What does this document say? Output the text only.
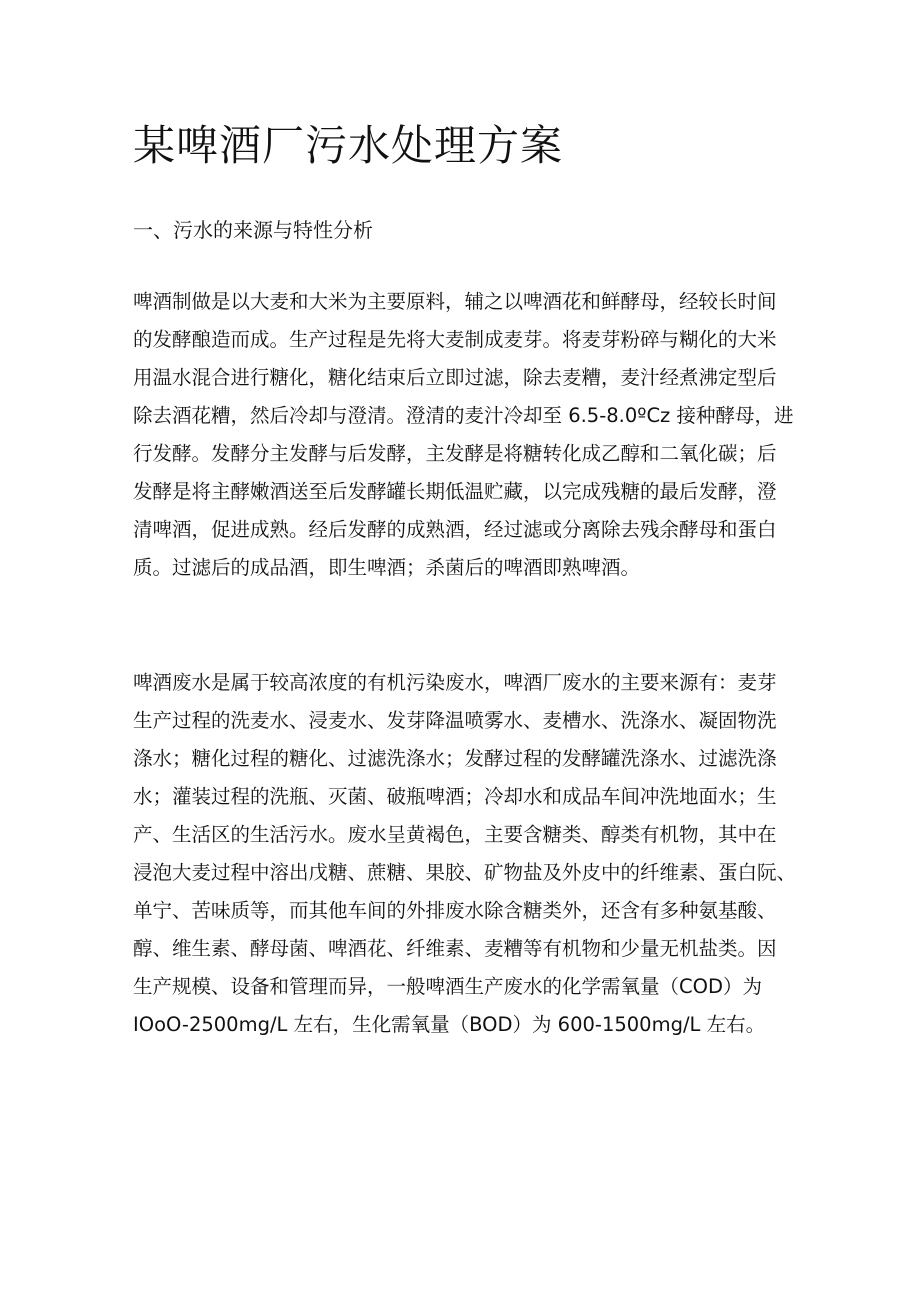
某啤酒厂污水处理方案
一、污水的来源与特性分析
啤酒制做是以大麦和大米为主要原料，辅之以啤酒花和鲜酵母，经较长时间
的发酵酿造而成。生产过程是先将大麦制成麦芽。将麦芽粉碎与糊化的大米
用温水混合进行糖化，糖化结束后立即过滤，除去麦糟，麦汁经煮沸定型后
除去酒花糟，然后冷却与澄清。澄清的麦汁冷却至 6.5-8.0ºCz 接种酵母，进
行发酵。发酵分主发酵与后发酵，主发酵是将糖转化成乙醇和二氧化碳；后
发酵是将主酵嫩酒送至后发酵罐长期低温贮藏，以完成残糖的最后发酵，澄
清啤酒，促进成熟。经后发酵的成熟酒，经过滤或分离除去残余酵母和蛋白
质。过滤后的成品酒，即生啤酒；杀菌后的啤酒即熟啤酒。
啤酒废水是属于较高浓度的有机污染废水，啤酒厂废水的主要来源有：麦芽
生产过程的洗麦水、浸麦水、发芽降温喷雾水、麦槽水、洗涤水、凝固物洗
涤水；糖化过程的糖化、过滤洗涤水；发酵过程的发酵罐洗涤水、过滤洗涤
水；灌装过程的洗瓶、灭菌、破瓶啤酒；冷却水和成品车间冲洗地面水；生
产、生活区的生活污水。废水呈黄褐色，主要含糖类、醇类有机物，其中在
浸泡大麦过程中溶出戊糖、蔗糖、果胶、矿物盐及外皮中的纤维素、蛋白阮、
单宁、苦味质等，而其他车间的外排废水除含糖类外，还含有多种氨基酸、
醇、维生素、酵母菌、啤酒花、纤维素、麦糟等有机物和少量无机盐类。因
生产规模、设备和管理而异，一般啤酒生产废水的化学需氧量（COD）为
IOoO-2500mg/L 左右，生化需氧量（BOD）为 600-1500mg/L 左右。
